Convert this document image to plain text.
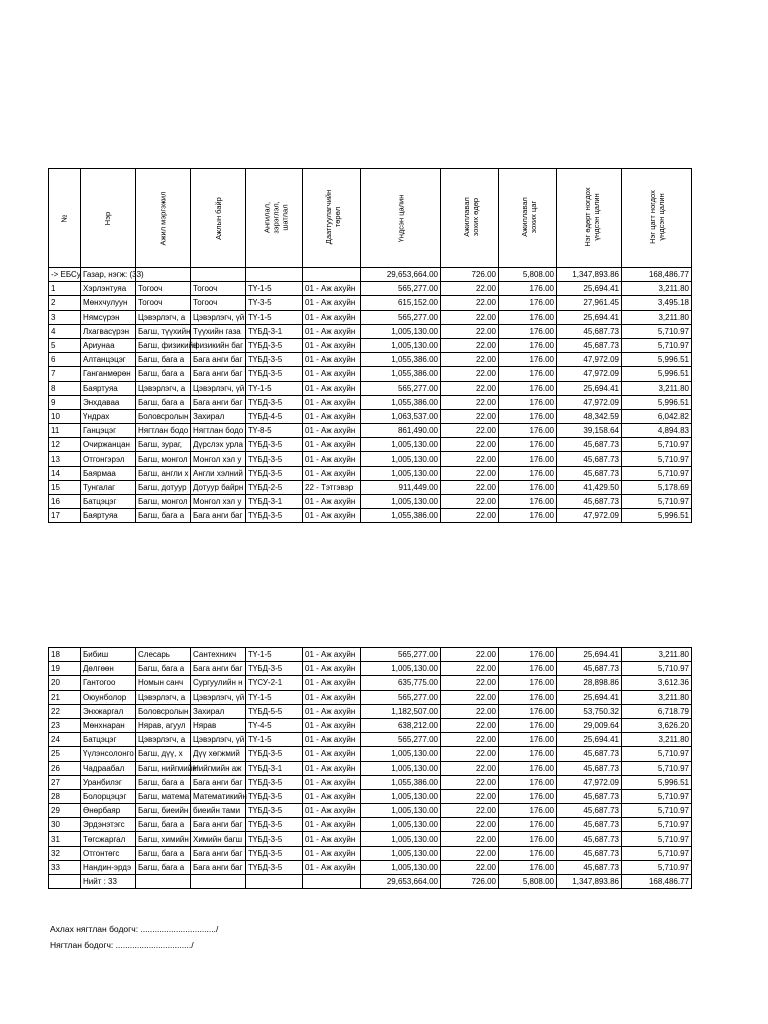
№	Нэр	Ажил мэргэжил	Ажлын байр	Ангилал, зэрэглэл, шатлал	Даатгуулагчийн төрөл	Үндсэн цалин	Ажиллавал зохих өдөр	Ажиллавал зохих цаг	Нэг өдөрт ногдох үндсэн цалин	Нэг цагт ногдох үндсэн цалин
-> ЕБСу	Газар, нэгж: (33)					29,653,664.00	726.00	5,808.00	1,347,893.86	168,486.77
1	Хэрлэнтуяа	Тогооч	Тогооч	ТҮ-1-5	01 - Аж ахуйн	565,277.00	22.00	176.00	25,694.41	3,211.80
2	Мөнхчулуун	Тогооч	Тогооч	ТҮ-3-5	01 - Аж ахуйн	615,152.00	22.00	176.00	27,961.45	3,495.18
3	Нямсүрэн	Цэвэрлэгч, а	Цэвэрлэгч, үй	ТҮ-1-5	01 - Аж ахуйн	565,277.00	22.00	176.00	25,694.41	3,211.80
4	Лхагвасүрэн	Багш, түүхийн	Түүхийн газа	ТҮБД-3-1	01 - Аж ахуйн	1,005,130.00	22.00	176.00	45,687.73	5,710.97
5	Ариунаа	Багш, физикийн	физикийн баг	ТҮБД-3-5	01 - Аж ахуйн	1,005,130.00	22.00	176.00	45,687.73	5,710.97
6	Алтанцэцэг	Багш, бага а	Бага анги баг	ТҮБД-3-5	01 - Аж ахуйн	1,055,386.00	22.00	176.00	47,972.09	5,996.51
7	Ганганмөрөн	Багш, бага а	Бага анги баг	ТҮБД-3-5	01 - Аж ахуйн	1,055,386.00	22.00	176.00	47,972.09	5,996.51
8	Баяртуяа	Цэвэрлэгч, а	Цэвэрлэгч, үй	ТҮ-1-5	01 - Аж ахуйн	565,277.00	22.00	176.00	25,694.41	3,211.80
9	Энхдаваа	Багш, бага а	Бага анги баг	ТҮБД-3-5	01 - Аж ахуйн	1,055,386.00	22.00	176.00	47,972.09	5,996.51
10	Үндрах	Боловсролын	Захирал	ТҮБД-4-5	01 - Аж ахуйн	1,063,537.00	22.00	176.00	48,342.59	6,042.82
11	Ганцэцэг	Нягтлан бодо	Нягтлан бодо	ТҮ-8-5	01 - Аж ахуйн	861,490.00	22.00	176.00	39,158.64	4,894.83
12	Очиржанцан	Багш, зураг,	Дүрслэх урла	ТҮБД-3-5	01 - Аж ахуйн	1,005,130.00	22.00	176.00	45,687.73	5,710.97
13	Отгонгэрэл	Багш, монгол	Монгол хэл у	ТҮБД-3-5	01 - Аж ахуйн	1,005,130.00	22.00	176.00	45,687.73	5,710.97
14	Баярмаа	Багш, англи х	Англи хэлний	ТҮБД-3-5	01 - Аж ахуйн	1,005,130.00	22.00	176.00	45,687.73	5,710.97
15	Тунгалаг	Багш, дотуур	Дотуур байрн	ТҮБД-2-5	22 - Тэтгэвэр	911,449.00	22.00	176.00	41,429.50	5,178.69
16	Батцэцэг	Багш, монгол	Монгол хэл у	ТҮБД-3-1	01 - Аж ахуйн	1,005,130.00	22.00	176.00	45,687.73	5,710.97
17	Баяртуяа	Багш, бага а	Бага анги баг	ТҮБД-3-5	01 - Аж ахуйн	1,055,386.00	22.00	176.00	47,972.09	5,996.51
18	Бибиш	Слесарь	Сантехникч	ТҮ-1-5	01 - Аж ахуйн	565,277.00	22.00	176.00	25,694.41	3,211.80
19	Дөлгөөн	Багш, бага а	Бага анги баг	ТҮБД-3-5	01 - Аж ахуйн	1,005,130.00	22.00	176.00	45,687.73	5,710.97
20	Гантогоо	Номын санч	Сургуулийн н	ТҮСУ-2-1	01 - Аж ахуйн	635,775.00	22.00	176.00	28,898.86	3,612.36
21	Оюунболор	Цэвэрлэгч, а	Цэвэрлэгч, үй	ТҮ-1-5	01 - Аж ахуйн	565,277.00	22.00	176.00	25,694.41	3,211.80
22	Энхжаргал	Боловсролын	Захирал	ТҮБД-5-5	01 - Аж ахуйн	1,182,507.00	22.00	176.00	53,750.32	6,718.79
23	Мөнхнаран	Нярав, агуул	Нярав	ТҮ-4-5	01 - Аж ахуйн	638,212.00	22.00	176.00	29,009.64	3,626.20
24	Батцэцэг	Цэвэрлэгч, а	Цэвэрлэгч, үй	ТҮ-1-5	01 - Аж ахуйн	565,277.00	22.00	176.00	25,694.41	3,211.80
25	Үүлэнсолонго	Багш, дүү, х	Дүү хөгжмий	ТҮБД-3-5	01 - Аж ахуйн	1,005,130.00	22.00	176.00	45,687.73	5,710.97
26	Чадраабал	Багш, нийгмийн	Нийгмийн аж	ТҮБД-3-1	01 - Аж ахуйн	1,005,130.00	22.00	176.00	45,687.73	5,710.97
27	Уранбилэг	Багш, бага а	Бага анги баг	ТҮБД-3-5	01 - Аж ахуйн	1,055,386.00	22.00	176.00	47,972.09	5,996.51
28	Болорцэцэг	Багш, матема	Математикийн	ТҮБД-3-5	01 - Аж ахуйн	1,005,130.00	22.00	176.00	45,687.73	5,710.97
29	Өнөрбаяр	Багш, биеийн	биеийн тами	ТҮБД-3-5	01 - Аж ахуйн	1,005,130.00	22.00	176.00	45,687.73	5,710.97
30	Эрдэнэтэгс	Багш, бага а	Бага анги баг	ТҮБД-3-5	01 - Аж ахуйн	1,005,130.00	22.00	176.00	45,687.73	5,710.97
31	Төгсжаргал	Багш, химийн	Химийн багш	ТҮБД-3-5	01 - Аж ахуйн	1,005,130.00	22.00	176.00	45,687.73	5,710.97
32	Отгонтөгс	Багш, бага а	Бага анги баг	ТҮБД-3-5	01 - Аж ахуйн	1,005,130.00	22.00	176.00	45,687.73	5,710.97
33	Нандин-эрдэ	Багш, бага а	Бага анги баг	ТҮБД-3-5	01 - Аж ахуйн	1,005,130.00	22.00	176.00	45,687.73	5,710.97
	Нийт : 33					29,653,664.00	726.00	5,808.00	1,347,893.86	168,486.77
Ахлах нягтлан бодогч: ................................/
Нягтлан бодогч: ................................/
